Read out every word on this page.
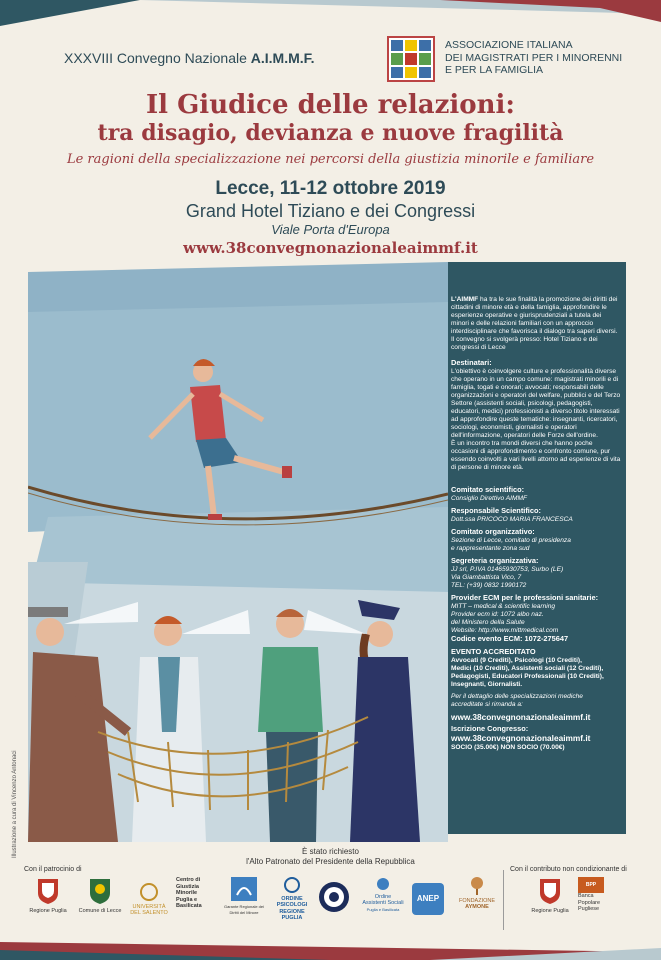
XXXVIII Convegno Nazionale A.I.M.M.F.
ASSOCIAZIONE ITALIANA
DEI MAGISTRATI PER I MINORENNI
E PER LA FAMIGLIA
Il Giudice delle relazioni:
tra disagio, devianza e nuove fragilità
Le ragioni della specializzazione nei percorsi della giustizia minorile e familiare
Lecce, 11-12 ottobre 2019
Grand Hotel Tiziano e dei Congressi
Viale Porta d'Europa
www.38convegnonazionaleaimmf.it
Illustrazione a cura di Vincenzo Antonaci

L'AIMMF ha tra le sue finalità la promozione dei diritti dei cittadini di minore età e della famiglia, approfondire le esperienze operative e giurisprudenziali a tutela dei minori e delle relazioni familiari con un approccio interdisciplinare che favorisca il dialogo tra saperi diversi.
Il convegno si svolgerà presso: Hotel Tiziano e dei congressi di Lecce

Destinatari:
L'obiettivo è coinvolgere culture e professionalità diverse che operano in un campo comune: magistrati minorili e di famiglia, togati e onorari; avvocati; responsabili delle organizzazioni e operatori del welfare, pubblici e del Terzo Settore (assistenti sociali, psicologi, pedagogisti, educatori, medici) professionisti a diverso titolo interessati ad approfondire queste tematiche: insegnanti, ricercatori, sociologi, economisti, giornalisti e operatori dell'informazione, operatori delle Forze dell'ordine.
È un incontro tra mondi diversi che hanno poche occasioni di approfondimento e confronto comune, pur essendo coinvolti a vari livelli attorno ad esperienze di vita di persone di minore età.

Comitato scientifico:
Consiglio Direttivo AIMMF

Responsabile Scientifico:
Dott.ssa PRICOCO MARIA FRANCESCA

Comitato organizzativo:
Sezione di Lecce, comitato di presidenza
e rappresentante zona sud

Segreteria organizzativa:
JJ srl, P.IVA 01465930753, Surbo (LE)
Via Giambattista Vico, 7
TEL: (+39) 0832 1990172

Provider ECM per le professioni sanitarie:
MITT – medical & scientific learning
Provider ecm id: 1072 albo naz.
del Ministero della Salute
Website: http://www.mittmedical.com
Codice evento ECM: 1072-275647

EVENTO ACCREDITATO
Avvocati (9 Crediti), Psicologi (10 Crediti),
Medici (10 Crediti), Assistenti sociali (12 Crediti),
Pedagogisti, Educatori Professionali (10 Crediti),
Insegnanti, Giornalisti.

Per il dettaglio delle specializzazioni mediche
accreditate si rimanda a:

www.38convegnonazionaleaimmf.it

Iscrizione Congresso:
www.38convegnonazionaleaimmf.it
SOCIO (35.00€) NON SOCIO (70.00€)

È stato richiesto
l'Alto Patronato del Presidente della Repubblica
Con il patrocinio di	Con il contributo non condizionante di

Regione Puglia	Comune di Lecce

UNIVERSITÀ
DEL SALENTO
Centro di
Giustizia
Minorile
Puglia e
Basilicata	Garante Regionale dei Diritti del Minore

ORDINE
PSICOLOGI
REGIONE PUGLIA

Ordine
Assistenti Sociali
Puglia e Basilicata
ANEP	FONDAZIONE
AYMONE

Regione Puglia
BPP
Banca
Popolare
Pugliese
